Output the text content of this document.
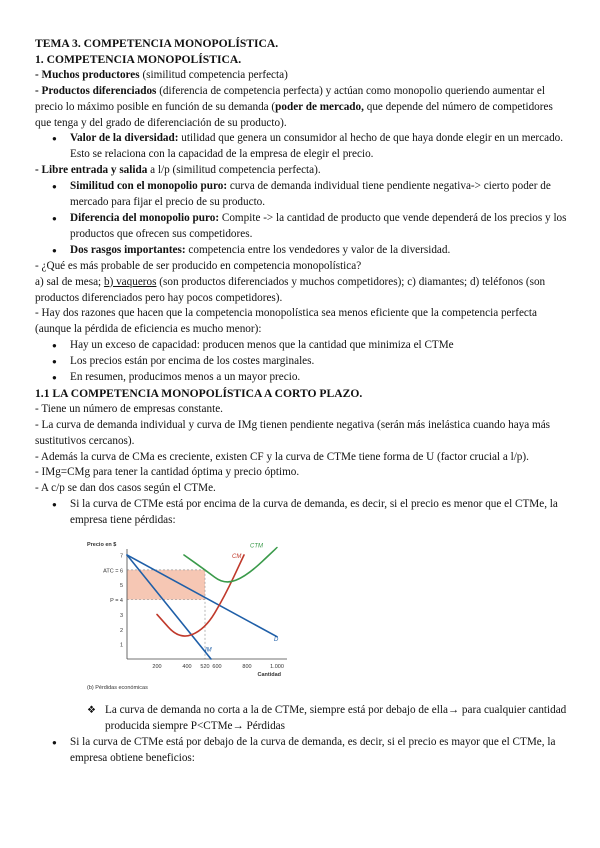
TEMA 3. COMPETENCIA MONOPOLÍSTICA.

1. COMPETENCIA MONOPOLÍSTICA.

- Muchos productores (similitud competencia perfecta)

- Productos diferenciados (diferencia de competencia perfecta) y actúan como monopolio queriendo aumentar el precio lo máximo posible en función de su demanda (poder de mercado, que depende del número de competidores que tenga y del grado de diferenciación de su producto).

● Valor de la diversidad: utilidad que genera un consumidor al hecho de que haya donde elegir en un mercado. Esto se relaciona con la capacidad de la empresa de elegir el precio.

- Libre entrada y salida a l/p (similitud competencia perfecta).

● Similitud con el monopolio puro: curva de demanda individual tiene pendiente negativa-> cierto poder de mercado para fijar el precio de su producto.
● Diferencia del monopolio puro: Compite -> la cantidad de producto que vende dependerá de los precios y los productos que ofrecen sus competidores.
● Dos rasgos importantes: competencia entre los vendedores y valor de la diversidad.

- ¿Qué es más probable de ser producido en competencia monopolística?

a) sal de mesa; b) vaqueros (son productos diferenciados y muchos competidores); c) diamantes; d) teléfonos (son productos diferenciados pero hay pocos competidores).

- Hay dos razones que hacen que la competencia monopolística sea menos eficiente que la competencia perfecta (aunque la pérdida de eficiencia es mucho menor):

● Hay un exceso de capacidad: producen menos que la cantidad que minimiza el CTMe
● Los precios están por encima de los costes marginales.
● En resumen, producimos menos a un mayor precio.

1.1 LA COMPETENCIA MONOPOLÍSTICA A CORTO PLAZO.

- Tiene un número de empresas constante.

- La curva de demanda individual y curva de IMg tienen pendiente negativa (serán más inelástica cuando haya más sustitutivos cercanos).

- Además la curva de CMa es creciente, existen CF y la curva de CTMe tiene forma de U (factor crucial a l/p).

- IMg=CMg para tener la cantidad óptima y precio óptimo.

- A c/p se dan dos casos según el CTMe.

● Si la curva de CTMe está por encima de la curva de demanda, es decir, si el precio es menor que el CTMe, la empresa tiene pérdidas:
7
ATC = 6
5
P = 4
3
2
1
200	400 520 600	800	1.000
Precio en $
Cantidad
(b) Pérdidas económicas
CTM
CM
D
IM
❖ La curva de demanda no corta a la de CTMe, siempre está por debajo de ella→ para cualquier cantidad producida siempre P<CTMe→ Pérdidas
● Si la curva de CTMe está por debajo de la curva de demanda, es decir, si el precio es mayor que el CTMe, la empresa obtiene beneficios:
